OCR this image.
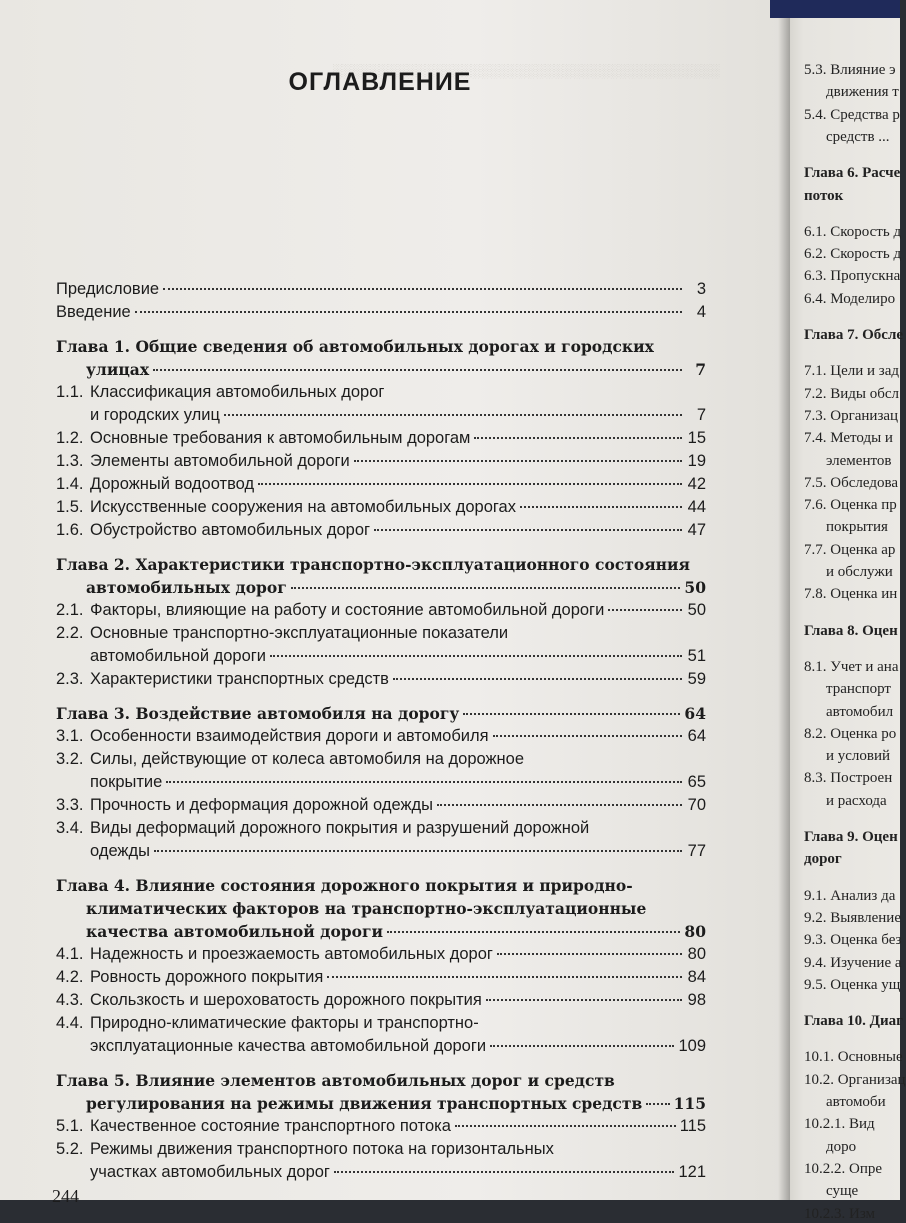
░░░░░░░░░░░░░░░░░░░░░░░░░░░░░░░░░░░░░░░░░░
ОГЛАВЛЕНИЕ
Предисловие	3
Введение	4
Глава 1. Общие сведения об автомобильных дорогах и городских
улицах	7
1.1. Классификация автомобильных дорог
и городских улиц	7
1.2. Основные требования к автомобильным дорогам	15
1.3. Элементы автомобильной дороги	19
1.4. Дорожный водоотвод	42
1.5. Искусственные сооружения на автомобильных дорогах	44
1.6. Обустройство автомобильных дорог	47
Глава 2. Характеристики транспортно-эксплуатационного состояния
автомобильных дорог	50
2.1. Факторы, влияющие на работу и состояние автомобильной дороги	50
2.2. Основные транспортно-эксплуатационные показатели
автомобильной дороги	51
2.3. Характеристики транспортных средств	59
Глава 3. Воздействие автомобиля на дорогу	64
3.1. Особенности взаимодействия дороги и автомобиля	64
3.2. Силы, действующие от колеса автомобиля на дорожное
покрытие	65
3.3. Прочность и деформация дорожной одежды	70
3.4. Виды деформаций дорожного покрытия и разрушений дорожной
одежды	77
Глава 4. Влияние состояния дорожного покрытия и природно-
климатических факторов на транспортно-эксплуатационные
качества автомобильной дороги	80
4.1. Надежность и проезжаемость автомобильных дорог	80
4.2. Ровность дорожного покрытия	84
4.3. Скользкость и шероховатость дорожного покрытия	98
4.4. Природно-климатические факторы и транспортно-
эксплуатационные качества автомобильной дороги	109
Глава 5. Влияние элементов автомобильных дорог и средств
регулирования на режимы движения транспортных средств 115
5.1. Качественное состояние транспортного потока	115
5.2. Режимы движения транспортного потока на горизонтальных
участках автомобильных дорог	121
244
5.3. Влияние э
движения т
5.4. Средства р
средств ...
Глава 6. Расче
поток
6.1. Скорость д
6.2. Скорость д
6.3. Пропускна
6.4. Моделиро
Глава 7. Обсле
7.1. Цели и зад
7.2. Виды обсл
7.3. Организац
7.4. Методы и
элементов
7.5. Обследова
7.6. Оценка пр
покрытия
7.7. Оценка ар
и обслужи
7.8. Оценка ин
Глава 8. Оцен
8.1. Учет и ана
транспорт
автомобил
8.2. Оценка ро
и условий
8.3. Построен
и расхода
Глава 9. Оцен
дорог
9.1. Анализ да
9.2. Выявление
9.3. Оценка без
9.4. Изучение а
9.5. Оценка ущ
Глава 10. Диаг
10.1. Основные
10.2. Организац
автомоби
10.2.1. Вид
доро
10.2.2. Опре
суще
10.2.3. Изм
